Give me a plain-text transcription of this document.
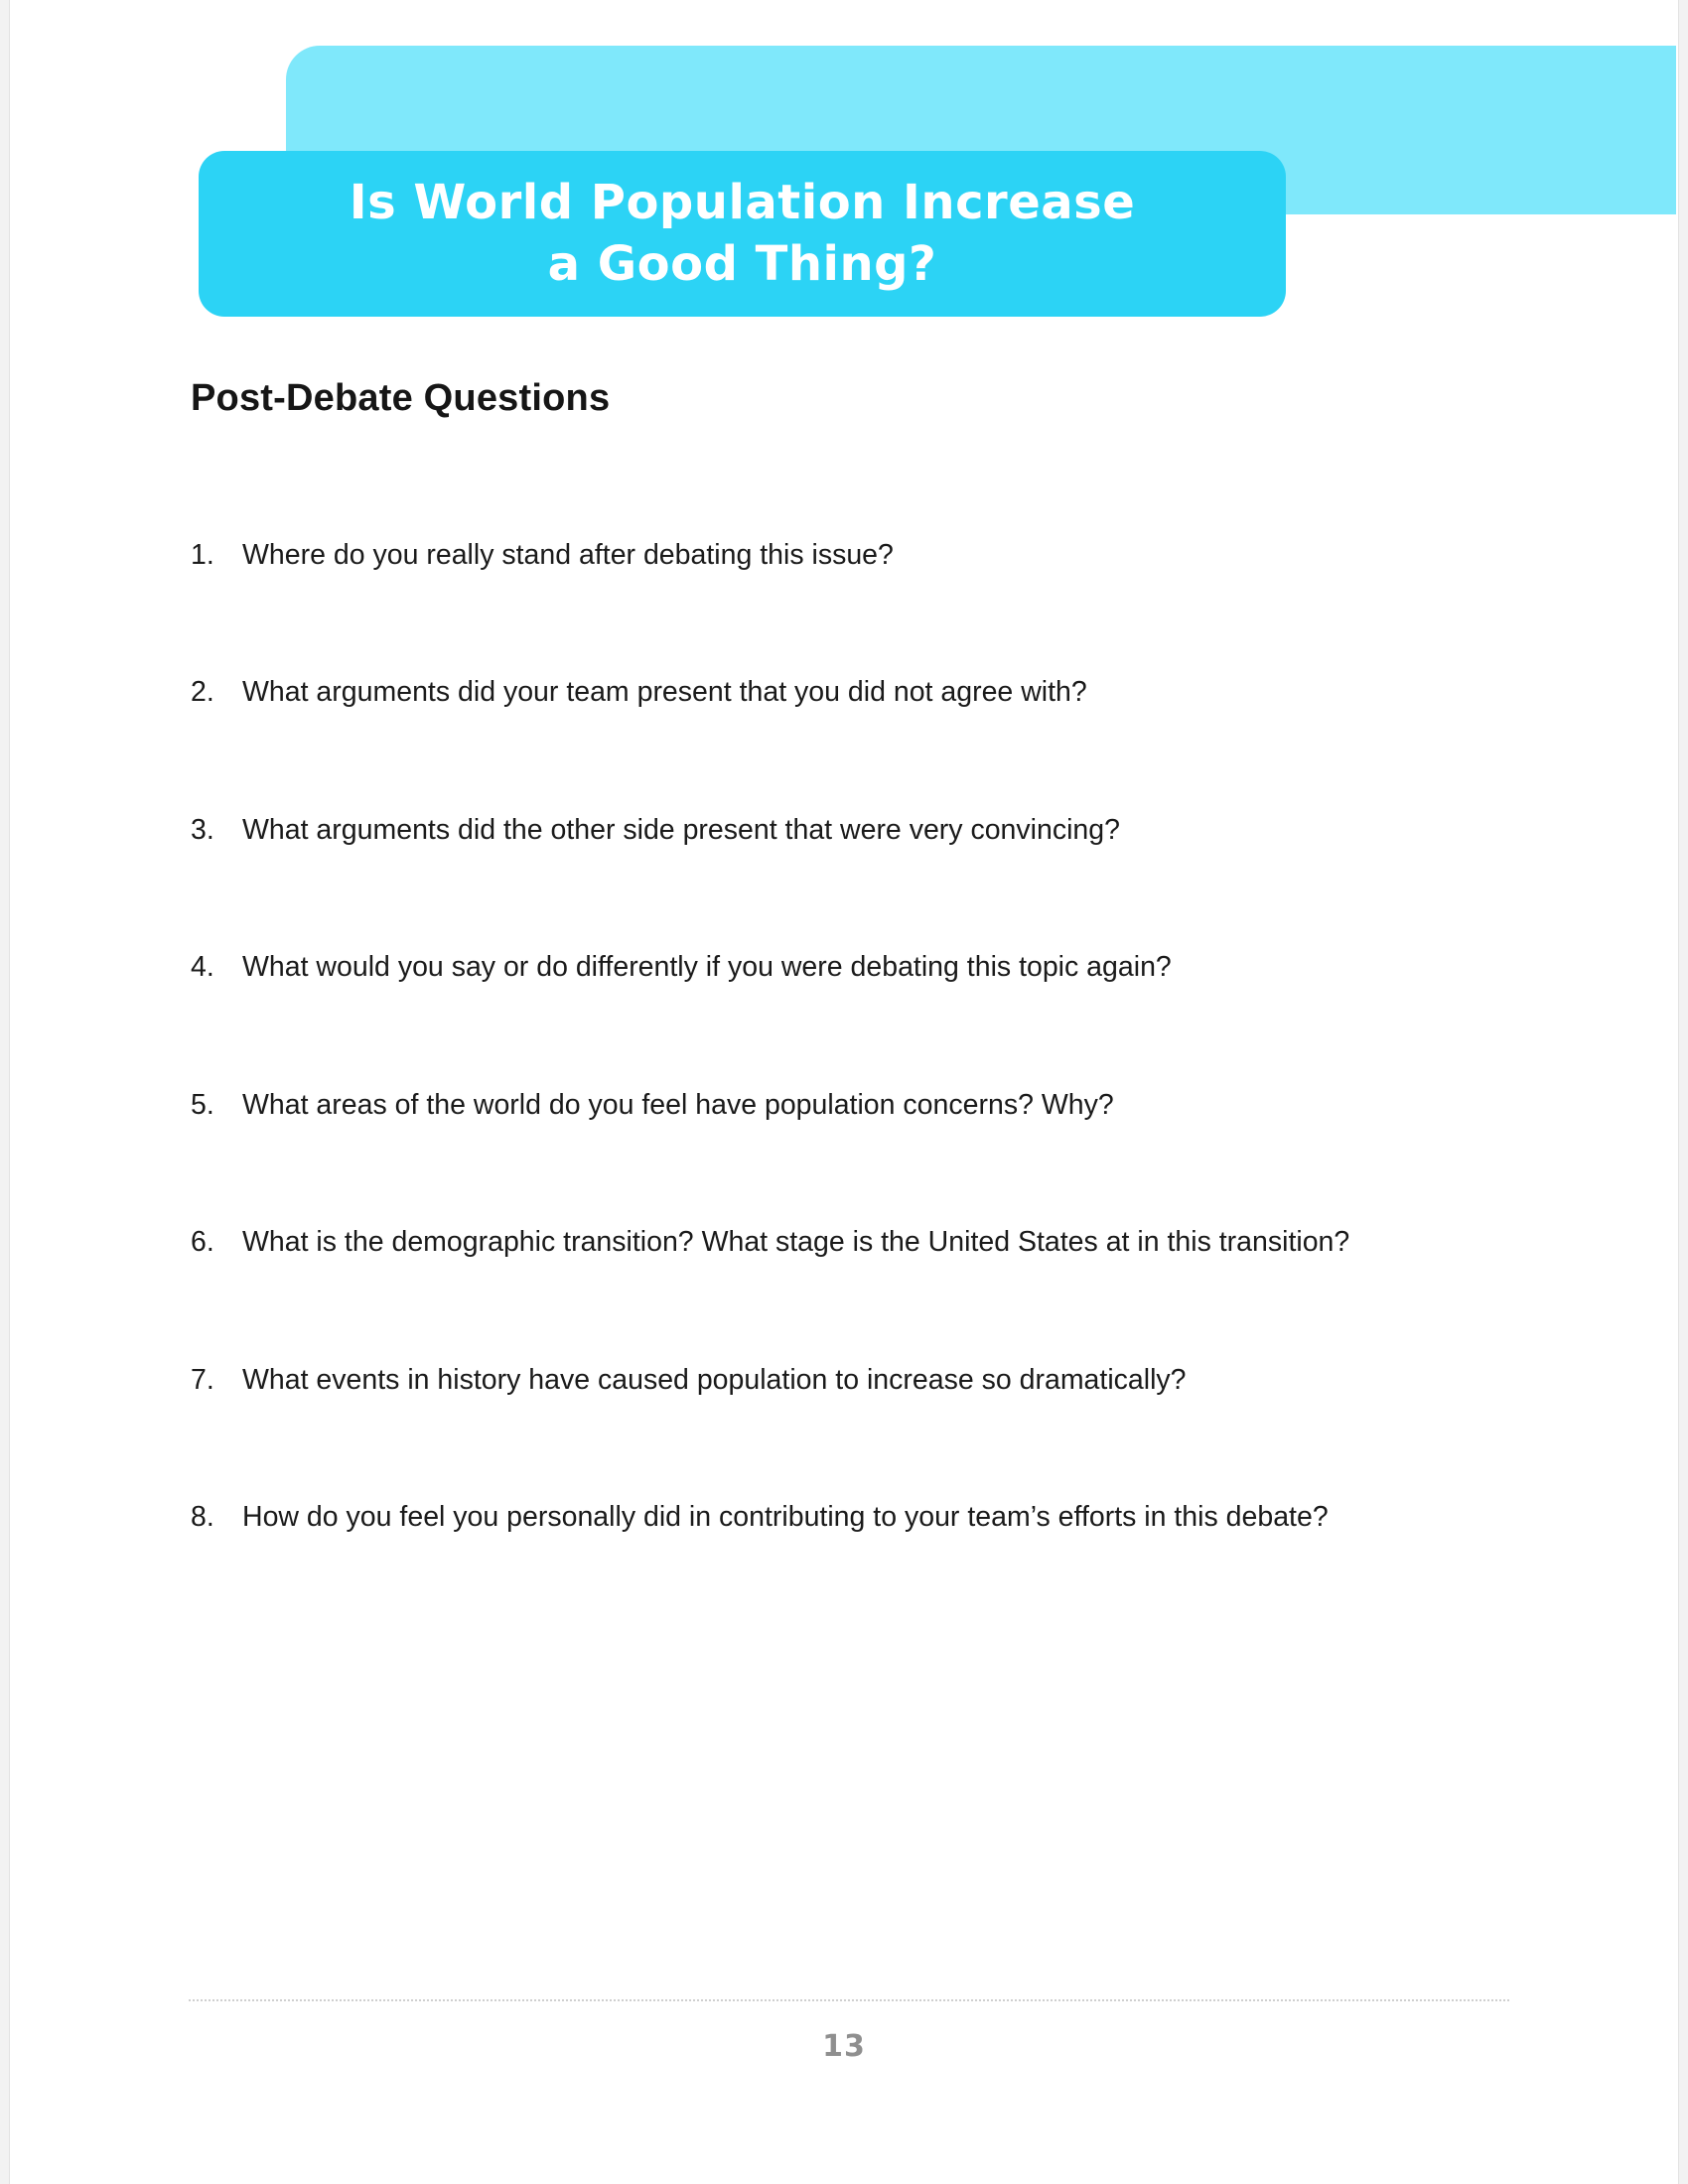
Is World Population Increase
a Good Thing?
Post-Debate Questions
1. Where do you really stand after debating this issue?
2. What arguments did your team present that you did not agree with?
3. What arguments did the other side present that were very convincing?
4. What would you say or do differently if you were debating this topic again?
5. What areas of the world do you feel have population concerns? Why?
6. What is the demographic transition? What stage is the United States at in this transition?
7. What events in history have caused population to increase so dramatically?
8. How do you feel you personally did in contributing to your team’s efforts in this debate?
13
